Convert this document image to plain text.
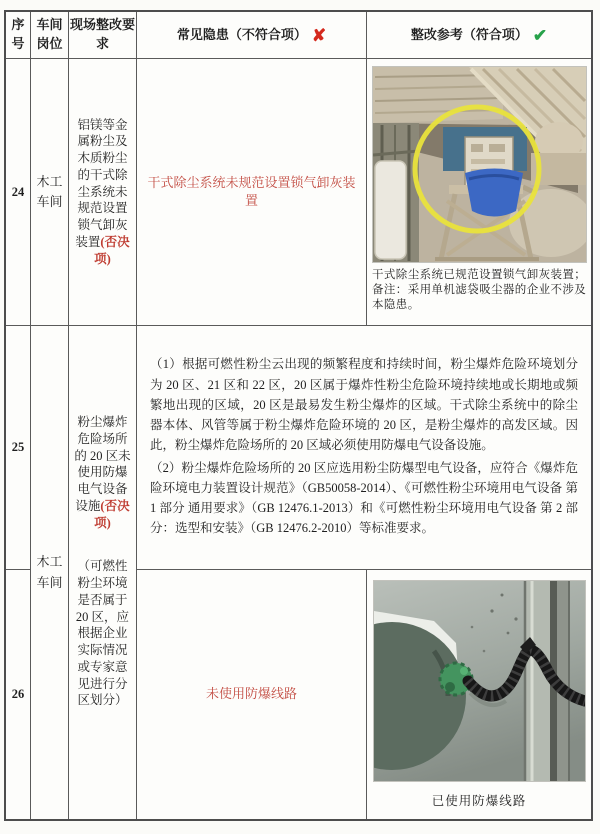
序号
车间岗位
现场整改要求
常见隐患（不符合项） ✘	整改参考（符合项） ✔
24
木工车间
铝镁等金属粉尘及木质粉尘的干式除尘系统未规范设置锁气卸灰装置(否决项)
干式除尘系统未规范设置锁气卸灰装置
干式除尘系统已规范设置锁气卸灰装置；备注：采用单机滤袋吸尘器的企业不涉及本隐患。
25
木工车间
粉尘爆炸危险场所的 20 区未使用防爆电气设备设施(否决项)
（可燃性粉尘环境是否属于 20 区，应根据企业实际情况或专家意见进行分区划分）

（1）根据可燃性粉尘云出现的频繁程度和持续时间，粉尘爆炸危险环境划分为 20 区、21 区和 22 区，20 区属于爆炸性粉尘危险环境持续地或长期地或频繁地出现的区域，20 区是最易发生粉尘爆炸的区域。干式除尘系统中的除尘器本体、风管等属于粉尘爆炸危险环境的 20 区，是粉尘爆炸的高发区域。因此，粉尘爆炸危险场所的 20 区域必须使用防爆电气设备设施。

（2）粉尘爆炸危险场所的 20 区应选用粉尘防爆型电气设备，应符合《爆炸危险环境电力装置设计规范》（GB50058-2014）、《可燃性粉尘环境用电气设备 第 1 部分 通用要求》（GB 12476.1-2013）和《可燃性粉尘环境用电气设备 第 2 部分：选型和安装》（GB 12476.2-2010）等标准要求。

26	未使用防爆线路
已使用防爆线路
